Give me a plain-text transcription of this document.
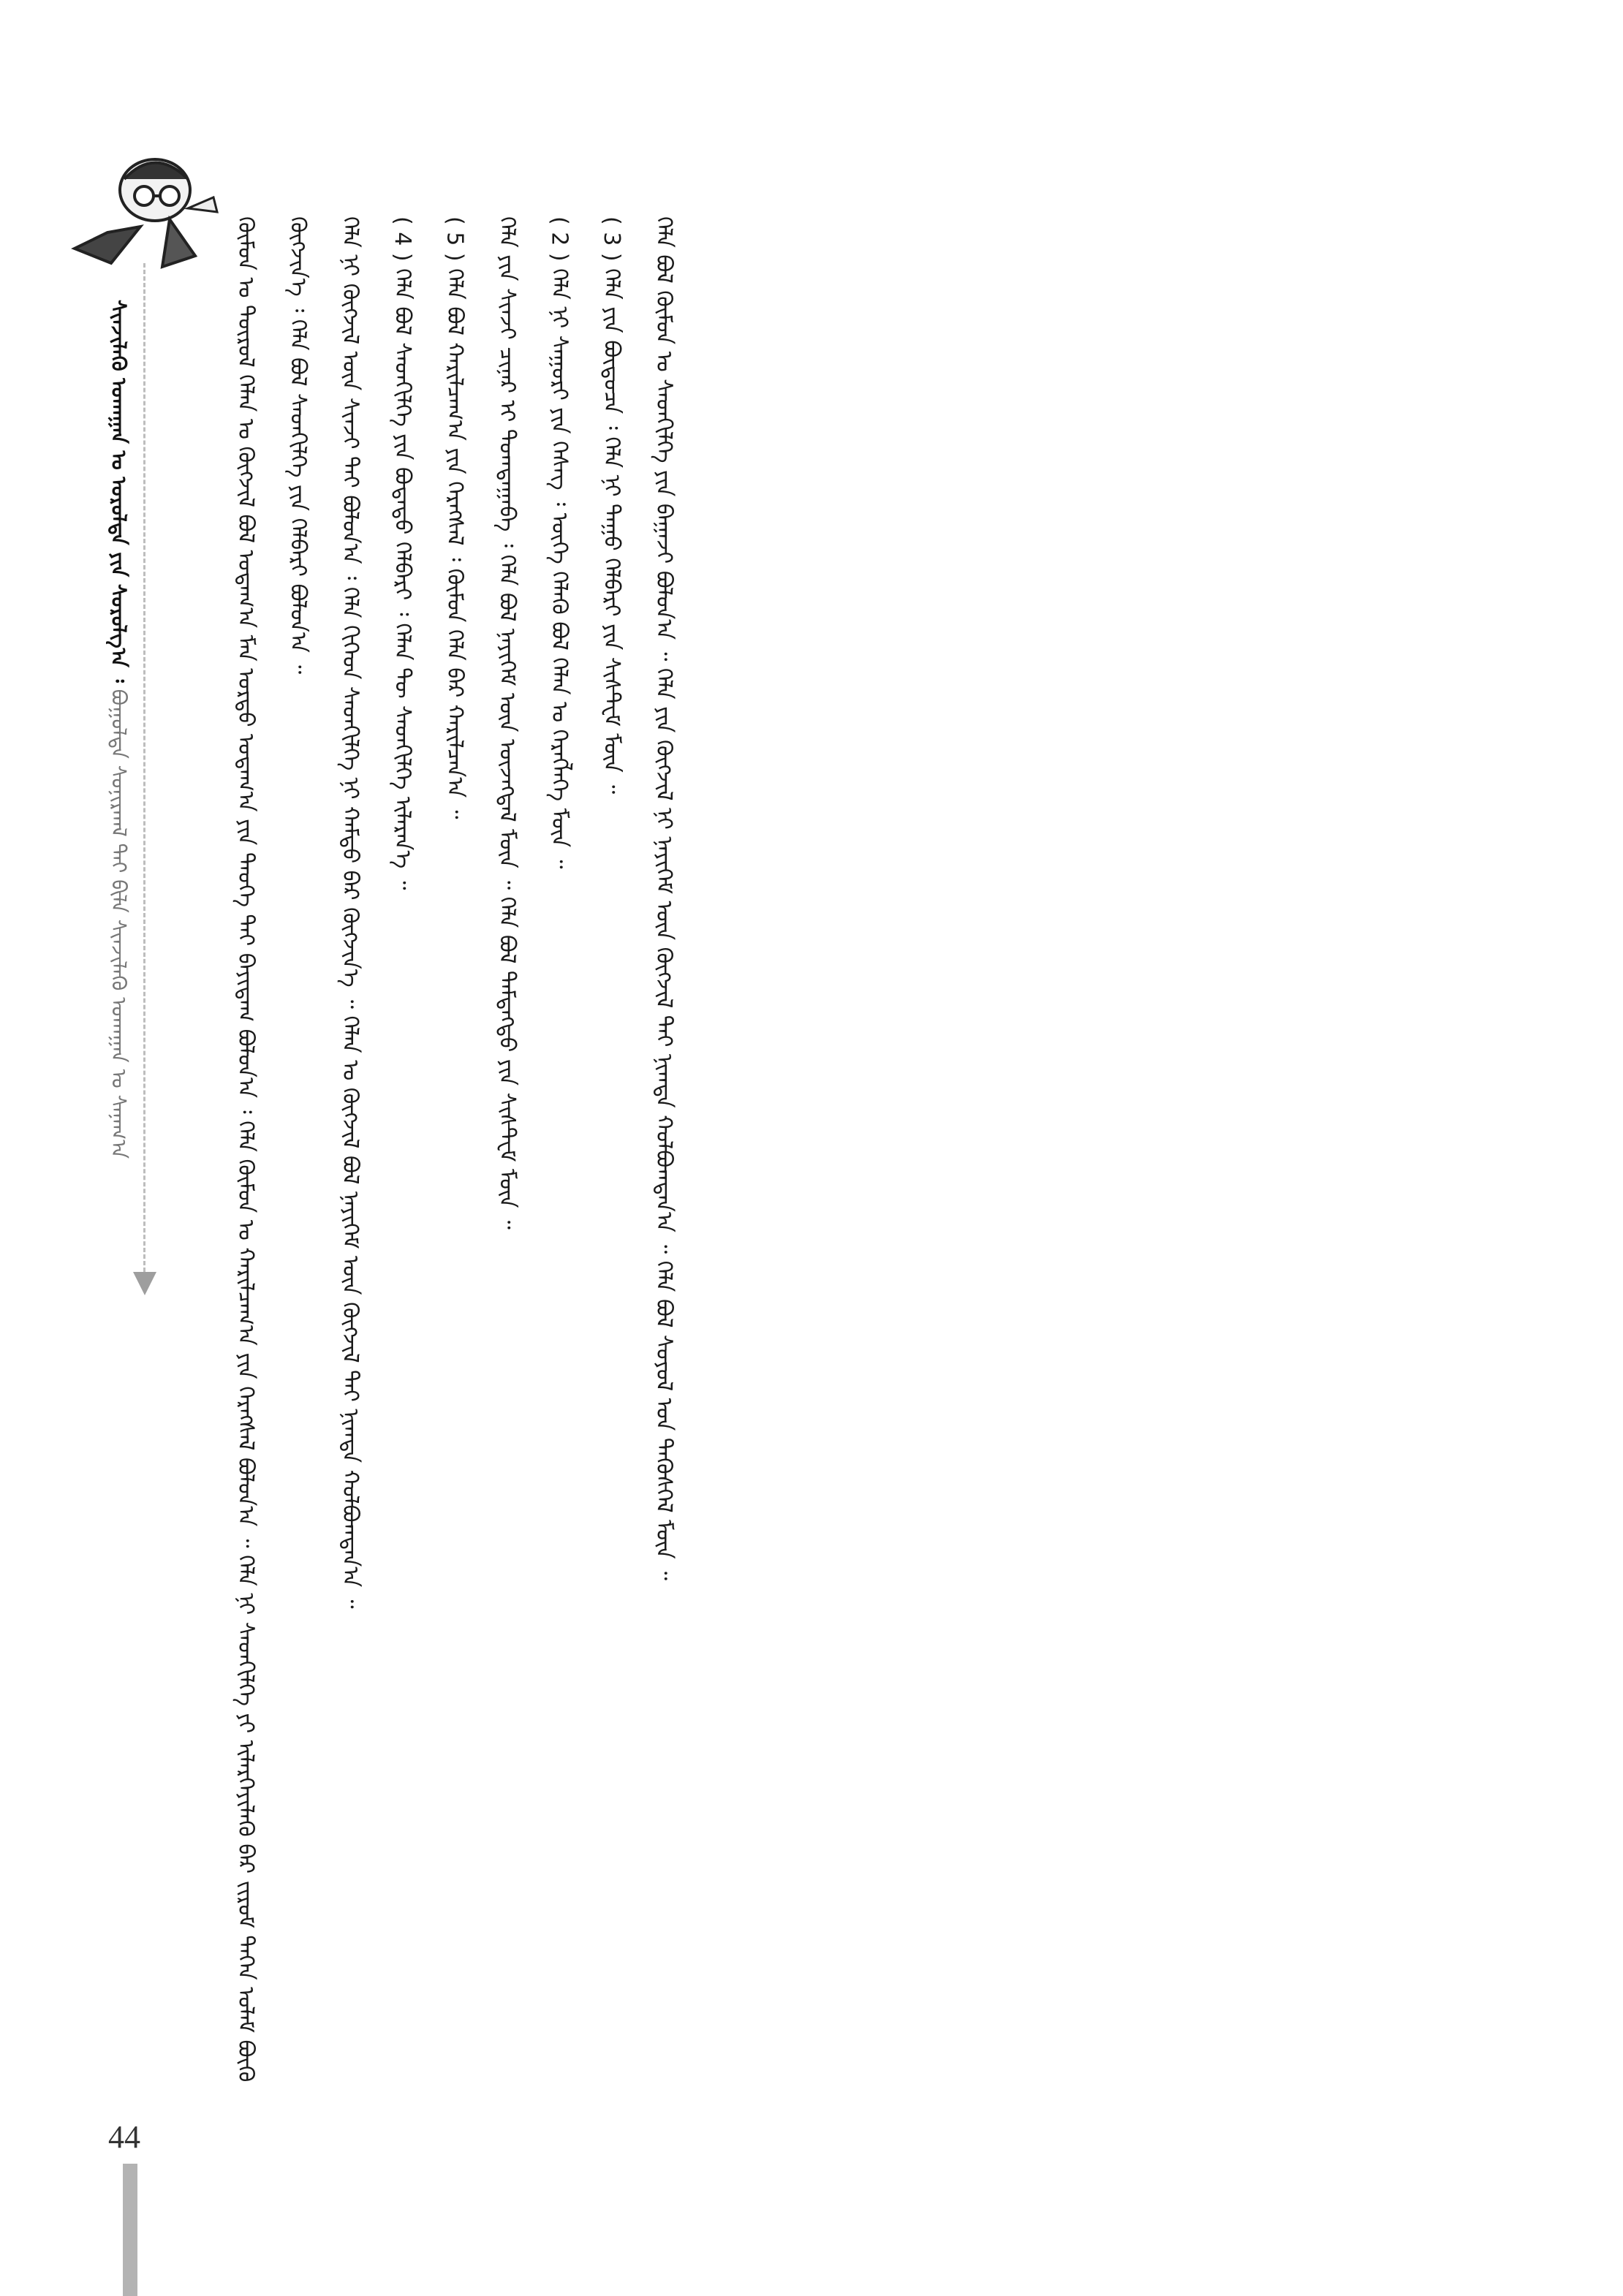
ᠰᠢᠨᠵᠢᠯᠡᠬᠦ ᠤᠬᠠᠭᠠᠨ ᠤ ᠤᠷᠤᠯᠲᠠ ᠶᠢᠨ ᠰᠤᠷᠤᠯᠭ᠎ᠠ ᠄ ᠪᠣᠭᠣᠯᠳᠠ ᠰᠣᠨᠢᠷᠬᠠᠯ ᠲᠠᠶ ᠪᠢᠯᠡ ᠰᠢᠨᠵᠢᠯᠡᠬᠦ ᠤᠬᠠᠭᠠᠨ ᠤ ᠰᠠᠨᠠᠭ᠎ᠠ	ᠬᠦᠮᠦᠨ ᠤ ᠲᠥᠷᠥᠯ ᠬᠡᠯᠡᠨ ᠤ ᠬᠥᠭᠵᠢᠯ ᠪᠣᠯ ᠤᠳᠠᠭ᠎ᠠ ᠮᠡᠨ ᠤᠷᠲᠤ ᠤᠳᠠᠭ᠎ᠠ ᠶᠢᠨ ᠲᠡᠦᠬᠡ ᠲᠠᠶ ᠪᠠᠶᠢᠳᠠᠭ ᠪᠣᠯᠤᠨ᠎ᠠ ᠄ ᠬᠡᠯᠡ ᠬᠦᠮᠦᠨ ᠤ ᠬᠠᠷᠢᠯᠴᠠᠭ᠎ᠠ ᠶᠢᠨ ᠬᠡᠷᠡᠭᠰᠡᠯ ᠪᠣᠯᠤᠨ᠎ᠠ ᠃ ᠬᠡᠯᠡ ᠨᠢ ᠰᠡᠳᠬᠢᠯᠭᠡ ᠶᠢ ᠢᠯᠡᠷᠬᠡᠶᠢᠯᠡᠬᠦ ᠪᠡᠷ ᠵᠢᠷᠤᠮ ᠳᠡᠭᠡᠨ ᠤᠯᠠᠮ ᠪᠥᠬᠥ ᠬᠥᠭᠵᠢᠨ᠎ᠡ ᠄ ᠬᠡᠯᠡ ᠪᠣᠯ ᠰᠡᠳᠬᠢᠯᠭᠡ ᠶᠢᠨ ᠬᠡᠯᠪᠡᠷᠢ ᠪᠣᠯᠤᠨ᠎ᠠ ᠃	ᠬᠡᠯᠡ ᠨᠢ ᠬᠥᠭᠵᠢᠯ ᠦᠨ ᠰᠢᠨᠵᠢ ᠲᠡᠢ ᠪᠣᠯᠤᠨ᠎ᠠ ᠄ ᠬᠡᠯᠡ ᠬᠢᠭᠡᠳ ᠰᠡᠳᠬᠢᠯᠭᠡ ᠨᠢ ᠬᠠᠮᠲᠤ ᠪᠡᠷ ᠬᠥᠭᠵᠢᠨ᠎ᠡ ᠃ ᠬᠡᠯᠡᠨ ᠤ ᠬᠥᠭᠵᠢᠯ ᠪᠣᠯ ᠨᠡᠶᠢᠭᠡᠮ ᠦᠨ ᠬᠥᠭᠵᠢᠯ ᠲᠡᠢ ᠨᠢᠭᠲᠠ ᠬᠣᠯᠪᠣᠭᠳᠠᠨ᠎ᠠ ᠃	( 4 ) ᠬᠡᠯᠡ ᠪᠣᠯ ᠰᠡᠳᠬᠢᠯᠭᠡ ᠶᠢᠨ ᠪᠣᠳᠠᠲᠤ ᠬᠡᠯᠪᠡᠷᠢ ᠄ ᠬᠡᠯᠡᠨ ᠲᠦ ᠰᠡᠳᠬᠢᠯᠭᠡ ᠢᠯᠡᠷᠡᠨ᠎ᠡ ᠃	( 5 ) ᠬᠡᠯᠡ ᠪᠣᠯ ᠬᠠᠷᠢᠯᠴᠠᠭ᠎ᠠ ᠶᠢᠨ ᠬᠡᠷᠡᠭᠰᠡᠯ ᠄ ᠬᠦᠮᠦᠨ ᠬᠡᠯᠡ ᠪᠡᠷ ᠬᠠᠷᠢᠯᠴᠠᠨ᠎ᠠ ᠃	ᠬᠡᠯᠡ ᠶᠢᠨ ᠰᠢᠨᠵᠢ ᠴᠢᠨᠠᠷ ᠢ ᠲᠣᠭᠲᠠᠭᠠᠪᠠ ᠄ ᠬᠡᠯᠡ ᠪᠣᠯ ᠨᠡᠶᠢᠭᠡᠮ ᠦᠨ ᠦᠵᠡᠭᠳᠡᠯ ᠮᠥᠨ ᠃ ᠬᠡᠯᠡ ᠪᠣᠯ ᠲᠡᠮᠳᠡᠭᠲᠦ ᠶᠢᠨ ᠰᠢᠰᠲ᠋ᠧᠮ ᠮᠥᠨ ᠃	( 2 ) ᠬᠡᠯᠡ ᠨᠢ ᠰᠠᠭᠤᠷᠢ ᠶᠢᠨ ᠬᠡᠰᠡᠭ ᠄ ᠦᠭᠡ ᠬᠡᠯᠡᠬᠦ ᠪᠣᠯ ᠬᠡᠯᠡᠨ ᠤ ᠬᠡᠷᠡᠭᠯᠡᠭᠡ ᠮᠥᠨ ᠃	( 3 ) ᠬᠡᠯᠡ ᠶᠢᠨ ᠪᠦᠲᠦᠴᠡ ᠄ ᠬᠡᠯᠡ ᠨᠢ ᠳᠠᠭᠤ ᠬᠡᠯᠪᠡᠷᠢ ᠶᠢᠨ ᠰᠢᠰᠲ᠋ᠧᠮ ᠮᠥᠨ ᠃	ᠬᠡᠯᠡ ᠪᠣᠯ ᠬᠦᠮᠦᠨ ᠤ ᠰᠡᠳᠬᠢᠯᠭᠡ ᠶᠢᠨ ᠪᠠᠭᠠᠵᠢ ᠪᠣᠯᠤᠨ᠎ᠠ ᠃ ᠬᠡᠯᠡ ᠶᠢᠨ ᠬᠥᠭᠵᠢᠯ ᠨᠢ ᠨᠡᠶᠢᠭᠡᠮ ᠦᠨ ᠬᠥᠭᠵᠢᠯ ᠲᠡᠢ ᠨᠢᠭᠲᠠ ᠬᠣᠯᠪᠣᠭᠳᠠᠨ᠎ᠠ ᠃ ᠬᠡᠯᠡ ᠪᠣᠯ ᠰᠣᠶᠣᠯ ᠤᠨ ᠲᠡᠭᠦᠰᠬᠡᠯ ᠮᠥᠨ ᠃

44
